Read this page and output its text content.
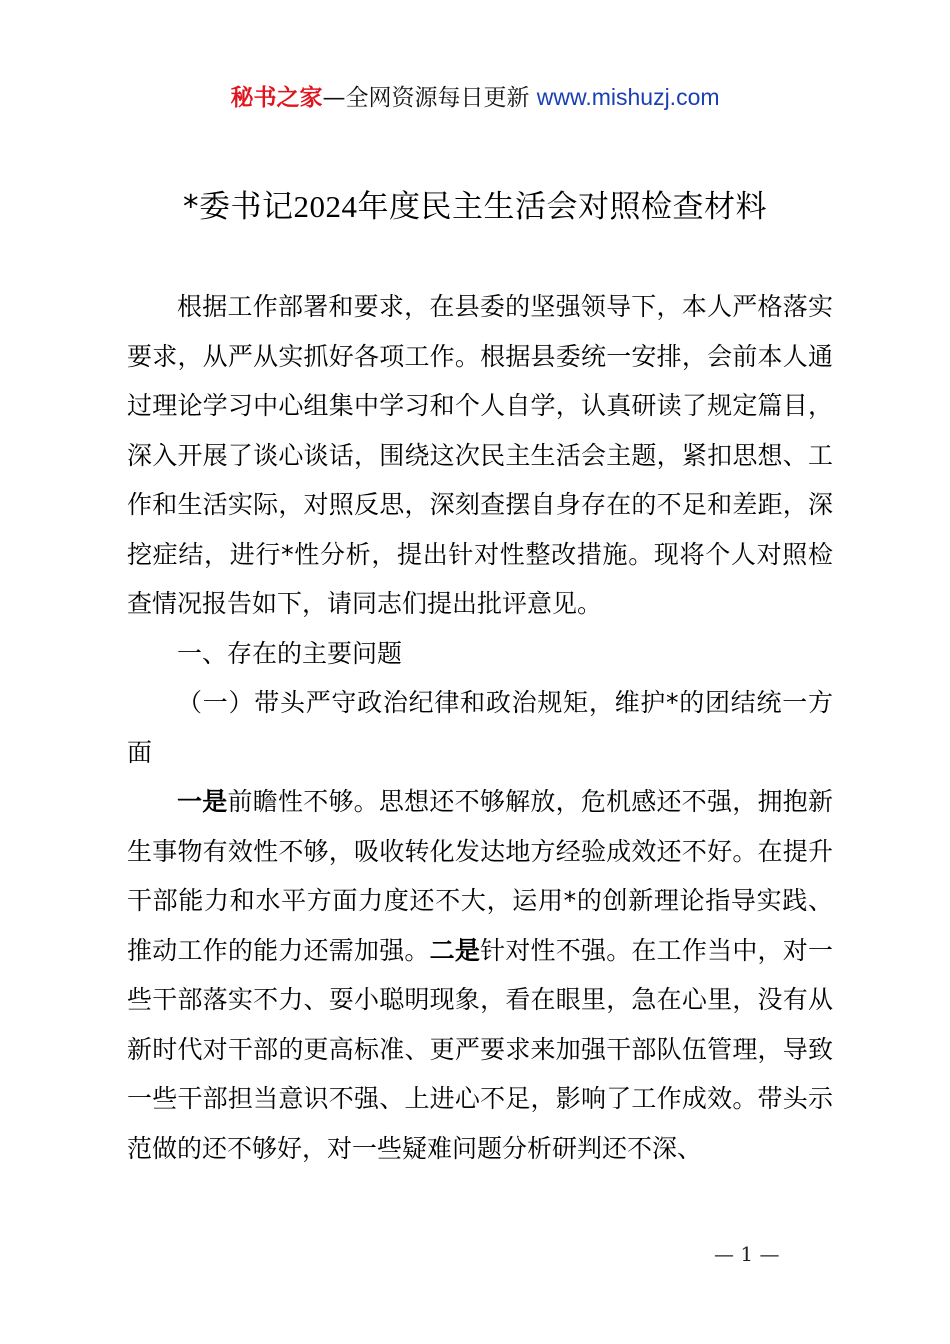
秘书之家—全网资源每日更新 www.mishuzj.com
*委书记2024年度民主生活会对照检查材料

根据工作部署和要求，在县委的坚强领导下，本人严格落实要求，从严从实抓好各项工作。根据县委统一安排，会前本人通过理论学习中心组集中学习和个人自学，认真研读了规定篇目，深入开展了谈心谈话，围绕这次民主生活会主题，紧扣思想、工作和生活实际，对照反思，深刻查摆自身存在的不足和差距，深挖症结，进行*性分析，提出针对性整改措施。现将个人对照检查情况报告如下，请同志们提出批评意见。

一、存在的主要问题

（一）带头严守政治纪律和政治规矩，维护*的团结统一方面

一是前瞻性不够。思想还不够解放，危机感还不强，拥抱新生事物有效性不够，吸收转化发达地方经验成效还不好。在提升干部能力和水平方面力度还不大，运用*的创新理论指导实践、推动工作的能力还需加强。二是针对性不强。在工作当中，对一些干部落实不力、耍小聪明现象，看在眼里，急在心里，没有从新时代对干部的更高标准、更严要求来加强干部队伍管理，导致一些干部担当意识不强、上进心不足，影响了工作成效。带头示范做的还不够好，对一些疑难问题分析研判还不深、

— 1 —
